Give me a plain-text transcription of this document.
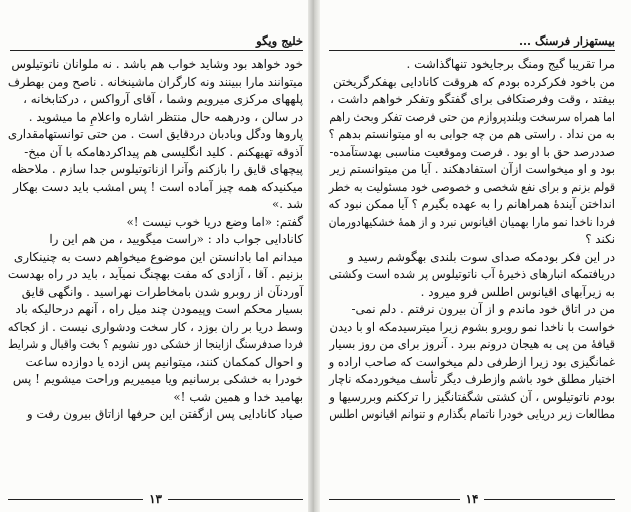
خلیج ویگو
خود خواهد بود وشاید خواب هم باشد . نه ملوانان ناتوتیلوس
میتوانند مارا ببینند ونه کارگران ماشینخانه . ناصح ومن بهطرف
پلههای مرکزی میرویم وشما ، آقای آرواکس ، درکتابخانه ،
در سالن ، ودرهمه حال منتظر اشاره واعلامِ ما میشوید .
پاروها ودگل وبادبان دردقایق است . من حتی توانستهامقداری
آذوقه تهیهکنم . کلید انگلیسی هم پیداکردهامکه با آن میخ-
پیچهای قایق را بازکنم وآنرا ازناتوتیلوس جدا سازم . ملاحظه
میکنیدکه همه چیز آماده است ! پس امشب باید دست بهکار
شد .»
گفتم: «اما وضع دریا خوب نیست !»
کانادایی جواب داد : «راست میگویید ، من هم این را
میدانم اما بادانستن این موضوع میخواهم دست به چنینکاری
بزنیم . آقا ، آزادی که مفت بهچنگ نمیآید ، باید در راه بهدست
آوردنآن از روبرو شدن بامخاطرات نهراسید . وانگهی قایق
بسیار محکم است وپیمودن چند میل راه ، آنهم درحالیکه باد
وسط دریا بر ران بوزد ، کار سخت ودشواری نیست . از کجاکه
فردا صدفرسنگ ازاینجا از خشکی دور نشویم ؟ بخت واقبال و شرایط
و احوال کمکمان کنند، میتوانیم پس ازده یا دوازده ساعت
خودرا به خشکی برسانیم ویا میمیریم وراحت میشویم ! پس
بهامید خدا و همین شب !»
صیاد کانادایی پس ازگفتن این حرفها ازاتاق بیرون رفت و
۱۳
بیستهزار فرسنگ ...
مرا تقریبا گیج ومنگ برجایخود تنهاگذاشت .
من باخود فکرکرده بودم که هروقت کانادایی بهفکرگریختن
بیفتد ، وقت وفرصتکافی برای گفتگو وتفکر خواهم داشت ،
اما همراه سرسخت وبلندپروازم من حتی فرصت تفکر وبحث راهم
به من نداد . راستی هم من چه جوابی به او میتوانستم بدهم ؟
صددرصد حق با او بود . فرصت وموقعیت مناسبی بهدستآمده-
بود و او میخواست ازآن استفادهکند . آیا من میتوانستم زیر
قولم بزنم و برای نفع شخصی و خصوصی خود مسئولیت به خطر
انداختن آیندهٔ همراهانم را به عهده بگیرم ؟ آیا ممکن نبود که
فردا ناخدا نمو مارا بهمیان اقیانوس نبرد و از همهٔ خشکیهادورمان
نکند ؟
در این فکر بودمکه صدای سوت بلندی بهگوشم رسید و
دریافتمکه انبارهای ذخیرهٔ آب ناتوتیلوس پر شده است وکشتی
به زیرآبهای اقیانوس اطلس فرو میرود .
من در اتاق خود ماندم و از آن بیرون نرفتم . دلم نمی-
خواست با ناخدا نمو روبرو بشوم زیرا میترسیدمکه او با دیدن
قیافهٔ من پی به هیجان درونم ببرد . آنروز برای من روز بسیار
غمانگیزی بود زیرا ازطرفی دلم میخواست که صاحب اراده و
اختیار مطلق خود باشم وازطرف دیگر تأسف میخوردمکه ناچار
بودم ناتوتیلوس ، آن کشتی شگفتانگیز را ترککنم وبررسیها و
مطالعات زیر دریایی خودرا ناتمام بگذارم و تنوانم اقیانوس اطلس
۱۴
